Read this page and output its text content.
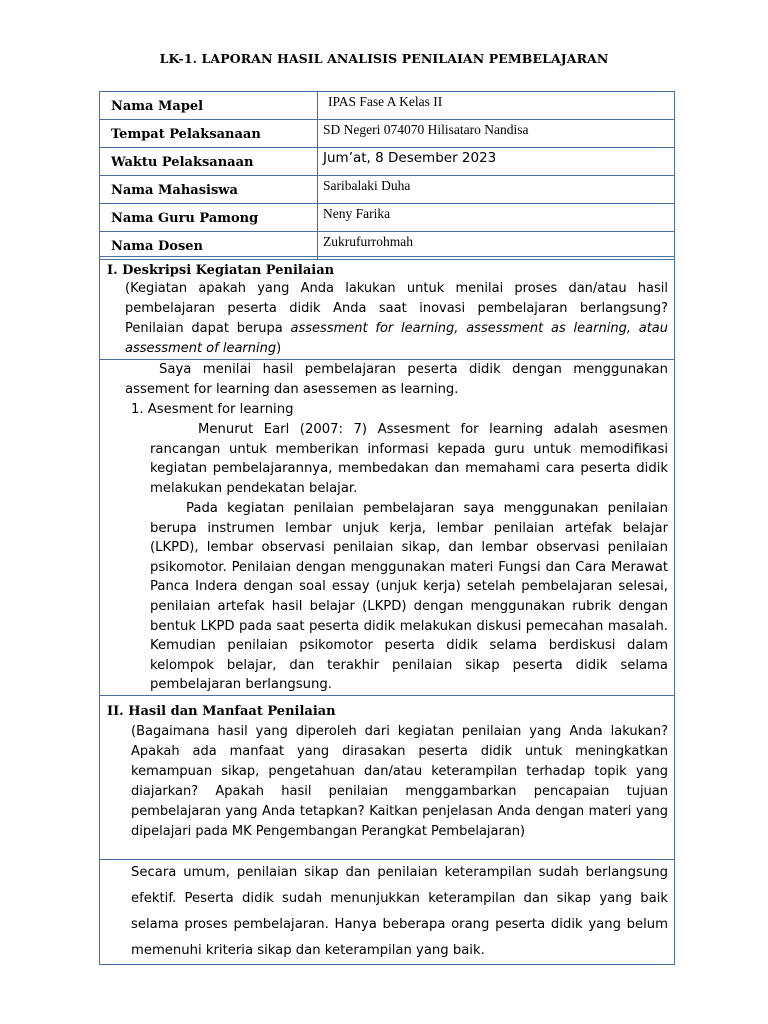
LK-1. LAPORAN HASIL ANALISIS PENILAIAN PEMBELAJARAN
Nama Mapel	IPAS Fase A Kelas II
Tempat Pelaksanaan	SD Negeri 074070 Hilisataro Nandisa
Waktu Pelaksanaan	Jum’at, 8 Desember 2023
Nama Mahasiswa	Saribalaki Duha
Nama Guru Pamong	Neny Farika
Nama Dosen	Zukrufurrohmah
I. Deskripsi Kegiatan Penilaian
(Kegiatan apakah yang Anda lakukan untuk menilai proses dan/atau hasil pembelajaran peserta didik Anda saat inovasi pembelajaran berlangsung? Penilaian dapat berupa assessment for learning, assessment as learning, atau assessment of learning)

Saya menilai hasil pembelajaran peserta didik dengan menggunakan assement for learning dan asessemen as learning.

1. Asesment for learning

Menurut Earl (2007: 7) Assesment for learning adalah asesmen rancangan untuk memberikan informasi kepada guru untuk memodifikasi kegiatan pembelajarannya, membedakan dan memahami cara peserta didik melakukan pendekatan belajar.

Pada kegiatan penilaian pembelajaran saya menggunakan penilaian berupa instrumen lembar unjuk kerja, lembar penilaian artefak belajar (LKPD), lembar observasi penilaian sikap, dan lembar observasi penilaian psikomotor. Penilaian dengan menggunakan materi Fungsi dan Cara Merawat Panca Indera dengan soal essay (unjuk kerja) setelah pembelajaran selesai, penilaian artefak hasil belajar (LKPD) dengan menggunakan rubrik dengan bentuk LKPD pada saat peserta didik melakukan diskusi pemecahan masalah. Kemudian penilaian psikomotor peserta didik selama berdiskusi dalam kelompok belajar, dan terakhir penilaian sikap peserta didik selama pembelajaran berlangsung.

II. Hasil dan Manfaat Penilaian
(Bagaimana hasil yang diperoleh dari kegiatan penilaian yang Anda lakukan? Apakah ada manfaat yang dirasakan peserta didik untuk meningkatkan kemampuan sikap, pengetahuan dan/atau keterampilan terhadap topik yang diajarkan? Apakah hasil penilaian menggambarkan pencapaian tujuan pembelajaran yang Anda tetapkan? Kaitkan penjelasan Anda dengan materi yang dipelajari pada MK Pengembangan Perangkat Pembelajaran)

Secara umum, penilaian sikap dan penilaian keterampilan sudah berlangsung efektif. Peserta didik sudah menunjukkan keterampilan dan sikap yang baik selama proses pembelajaran. Hanya beberapa orang peserta didik yang belum memenuhi kriteria sikap dan keterampilan yang baik.
